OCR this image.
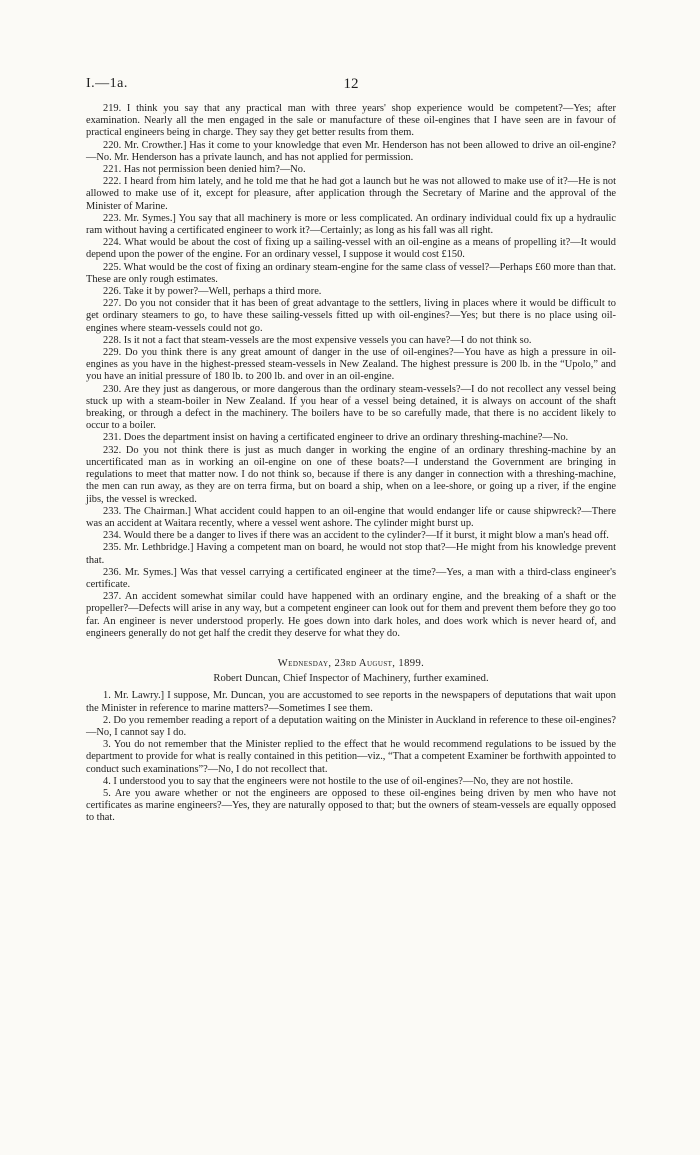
I.—1a.	12

219. I think you say that any practical man with three years' shop experience would be competent?—Yes; after examination. Nearly all the men engaged in the sale or manufacture of these oil-engines that I have seen are in favour of practical engineers being in charge. They say they get better results from them.

220. Mr. Crowther.] Has it come to your knowledge that even Mr. Henderson has not been allowed to drive an oil-engine?—No. Mr. Henderson has a private launch, and has not applied for permission.

221. Has not permission been denied him?—No.

222. I heard from him lately, and he told me that he had got a launch but he was not allowed to make use of it?—He is not allowed to make use of it, except for pleasure, after application through the Secretary of Marine and the approval of the Minister of Marine.

223. Mr. Symes.] You say that all machinery is more or less complicated. An ordinary individual could fix up a hydraulic ram without having a certificated engineer to work it?—Certainly; as long as his fall was all right.

224. What would be about the cost of fixing up a sailing-vessel with an oil-engine as a means of propelling it?—It would depend upon the power of the engine. For an ordinary vessel, I suppose it would cost £150.

225. What would be the cost of fixing an ordinary steam-engine for the same class of vessel?—Perhaps £60 more than that. These are only rough estimates.

226. Take it by power?—Well, perhaps a third more.

227. Do you not consider that it has been of great advantage to the settlers, living in places where it would be difficult to get ordinary steamers to go, to have these sailing-vessels fitted up with oil-engines?—Yes; but there is no place using oil-engines where steam-vessels could not go.

228. Is it not a fact that steam-vessels are the most expensive vessels you can have?—I do not think so.

229. Do you think there is any great amount of danger in the use of oil-engines?—You have as high a pressure in oil-engines as you have in the highest-pressed steam-vessels in New Zealand. The highest pressure is 200 lb. in the “Upolo,” and you have an initial pressure of 180 lb. to 200 lb. and over in an oil-engine.

230. Are they just as dangerous, or more dangerous than the ordinary steam-vessels?—I do not recollect any vessel being stuck up with a steam-boiler in New Zealand. If you hear of a vessel being detained, it is always on account of the shaft breaking, or through a defect in the machinery. The boilers have to be so carefully made, that there is no accident likely to occur to a boiler.

231. Does the department insist on having a certificated engineer to drive an ordinary threshing-machine?—No.

232. Do you not think there is just as much danger in working the engine of an ordinary threshing-machine by an uncertificated man as in working an oil-engine on one of these boats?—I understand the Government are bringing in regulations to meet that matter now. I do not think so, because if there is any danger in connection with a threshing-machine, the men can run away, as they are on terra firma, but on board a ship, when on a lee-shore, or going up a river, if the engine jibs, the vessel is wrecked.

233. The Chairman.] What accident could happen to an oil-engine that would endanger life or cause shipwreck?—There was an accident at Waitara recently, where a vessel went ashore. The cylinder might burst up.

234. Would there be a danger to lives if there was an accident to the cylinder?—If it burst, it might blow a man's head off.

235. Mr. Lethbridge.] Having a competent man on board, he would not stop that?—He might from his knowledge prevent that.

236. Mr. Symes.] Was that vessel carrying a certificated engineer at the time?—Yes, a man with a third-class engineer's certificate.

237. An accident somewhat similar could have happened with an ordinary engine, and the breaking of a shaft or the propeller?—Defects will arise in any way, but a competent engineer can look out for them and prevent them before they go too far. An engineer is never understood properly. He goes down into dark holes, and does work which is never heard of, and engineers generally do not get half the credit they deserve for what they do.

Wednesday, 23rd August, 1899.

Robert Duncan, Chief Inspector of Machinery, further examined.

1. Mr. Lawry.] I suppose, Mr. Duncan, you are accustomed to see reports in the newspapers of deputations that wait upon the Minister in reference to marine matters?—Sometimes I see them.

2. Do you remember reading a report of a deputation waiting on the Minister in Auckland in reference to these oil-engines?—No, I cannot say I do.

3. You do not remember that the Minister replied to the effect that he would recommend regulations to be issued by the department to provide for what is really contained in this petition—viz., “That a competent Examiner be forthwith appointed to conduct such examinations”?—No, I do not recollect that.

4. I understood you to say that the engineers were not hostile to the use of oil-engines?—No, they are not hostile.

5. Are you aware whether or not the engineers are opposed to these oil-engines being driven by men who have not certificates as marine engineers?—Yes, they are naturally opposed to that; but the owners of steam-vessels are equally opposed to that.
